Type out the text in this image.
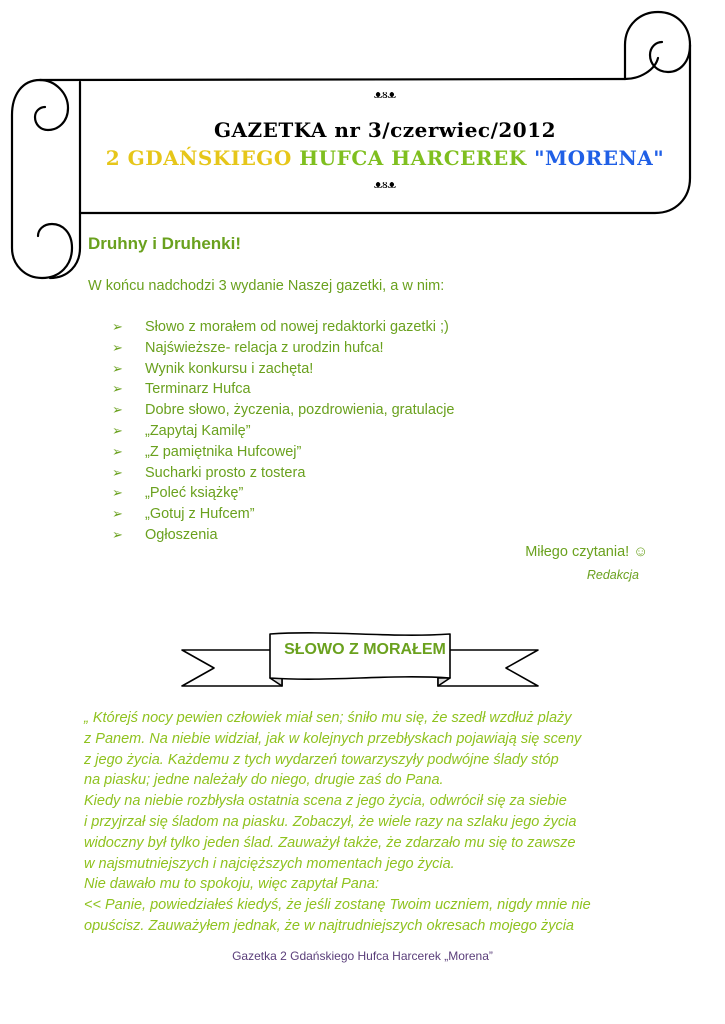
ᴥᴕᴥ
GAZETKA nr 3/czerwiec/2012
2 GDAŃSKIEGO HUFCA HARCEREK "MORENA"
ᴥᴕᴥ
Druhny i Druhenki!
W końcu nadchodzi 3 wydanie Naszej gazetki, a w nim:
➢ Słowo z morałem od nowej redaktorki gazetki ;)
➢ Najświeższe- relacja z urodzin hufca!
➢ Wynik konkursu i zachęta!
➢ Terminarz Hufca
➢ Dobre słowo, życzenia, pozdrowienia, gratulacje
➢ „Zapytaj Kamilę”
➢ „Z pamiętnika Hufcowej”
➢ Sucharki prosto z tostera
➢ „Poleć książkę”
➢ „Gotuj z Hufcem”
➢ Ogłoszenia
Miłego czytania! ☺
Redakcja
SŁOWO Z MORAŁEM
„ Którejś nocy pewien człowiek miał sen; śniło mu się, że szedł wzdłuż plaży
z Panem. Na niebie widział, jak w kolejnych przebłyskach pojawiają się sceny
z jego życia. Każdemu z tych wydarzeń towarzyszyły podwójne ślady stóp
na piasku; jedne należały do niego, drugie zaś do Pana.
Kiedy na niebie rozbłysła ostatnia scena z jego życia, odwrócił się za siebie
i przyjrzał się śladom na piasku. Zobaczył, że wiele razy na szlaku jego życia
widoczny był tylko jeden ślad. Zauważył także, że zdarzało mu się to zawsze
w najsmutniejszych i najcięższych momentach jego życia.
Nie dawało mu to spokoju, więc zapytał Pana:
<< Panie, powiedziałeś kiedyś, że jeśli zostanę Twoim uczniem, nigdy mnie nie
opuścisz. Zauważyłem jednak, że w najtrudniejszych okresach mojego życia
Gazetka 2 Gdańskiego Hufca Harcerek „Morena”
